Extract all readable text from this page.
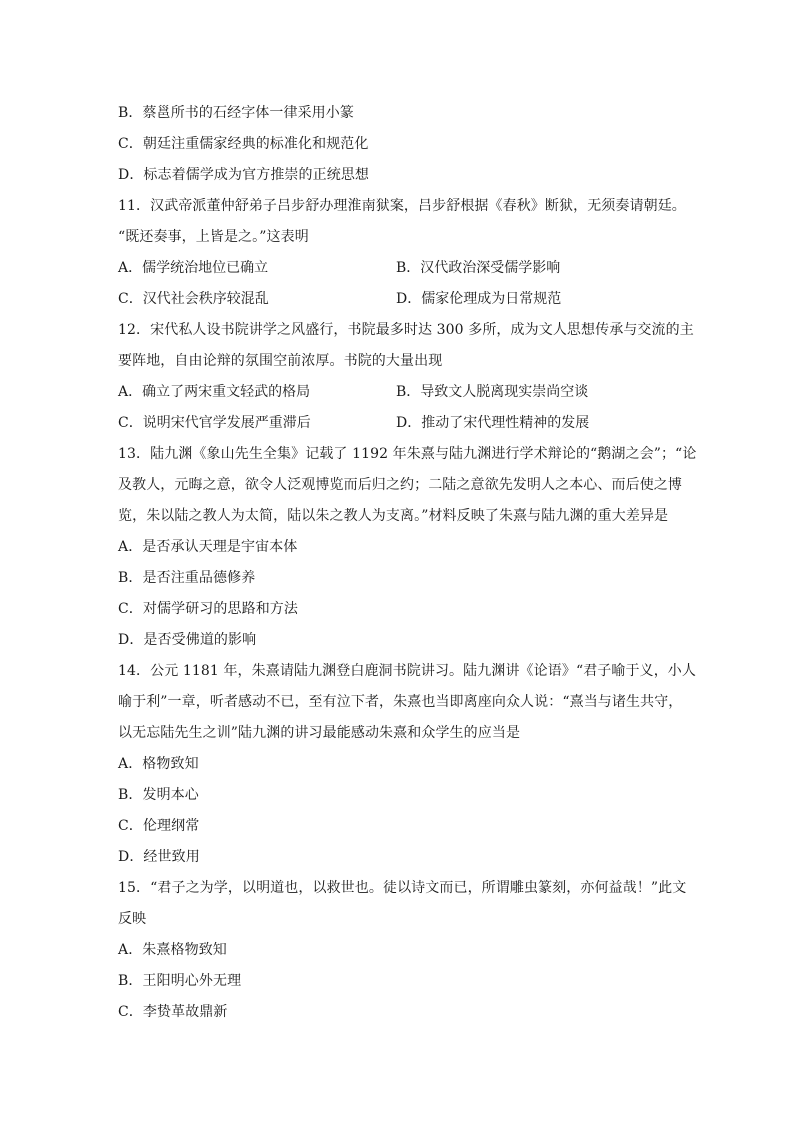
B．蔡邕所书的石经字体一律采用小篆
C．朝廷注重儒家经典的标准化和规范化
D．标志着儒学成为官方推崇的正统思想
11．汉武帝派董仲舒弟子吕步舒办理淮南狱案，吕步舒根据《春秋》断狱，无须奏请朝廷。
“既还奏事，上皆是之。”这表明
A．儒学统治地位已确立	B．汉代政治深受儒学影响
C．汉代社会秩序较混乱	D．儒家伦理成为日常规范
12．宋代私人设书院讲学之风盛行，书院最多时达 300 多所，成为文人思想传承与交流的主
要阵地，自由论辩的氛围空前浓厚。书院的大量出现
A．确立了两宋重文轻武的格局	B．导致文人脱离现实崇尚空谈
C．说明宋代官学发展严重滞后	D．推动了宋代理性精神的发展
13．陆九渊《象山先生全集》记载了 1192 年朱熹与陆九渊进行学术辩论的“鹅湖之会”；“论
及教人，元晦之意，欲令人泛观博览而后归之约；二陆之意欲先发明人之本心、而后使之博
览，朱以陆之教人为太简，陆以朱之教人为支离。”材料反映了朱熹与陆九渊的重大差异是
A．是否承认天理是宇宙本体
B．是否注重品德修养
C．对儒学研习的思路和方法
D．是否受佛道的影响
14．公元 1181 年，朱熹请陆九渊登白鹿洞书院讲习。陆九渊讲《论语》“君子喻于义，小人
喻于利”一章，听者感动不已，至有泣下者，朱熹也当即离座向众人说：“熹当与诸生共守，
以无忘陆先生之训”陆九渊的讲习最能感动朱熹和众学生的应当是
A．格物致知
B．发明本心
C．伦理纲常
D．经世致用
15．“君子之为学，以明道也，以救世也。徒以诗文而已，所谓雕虫篆刻，亦何益哉！”此文
反映
A．朱熹格物致知
B．王阳明心外无理
C．李贽革故鼎新
